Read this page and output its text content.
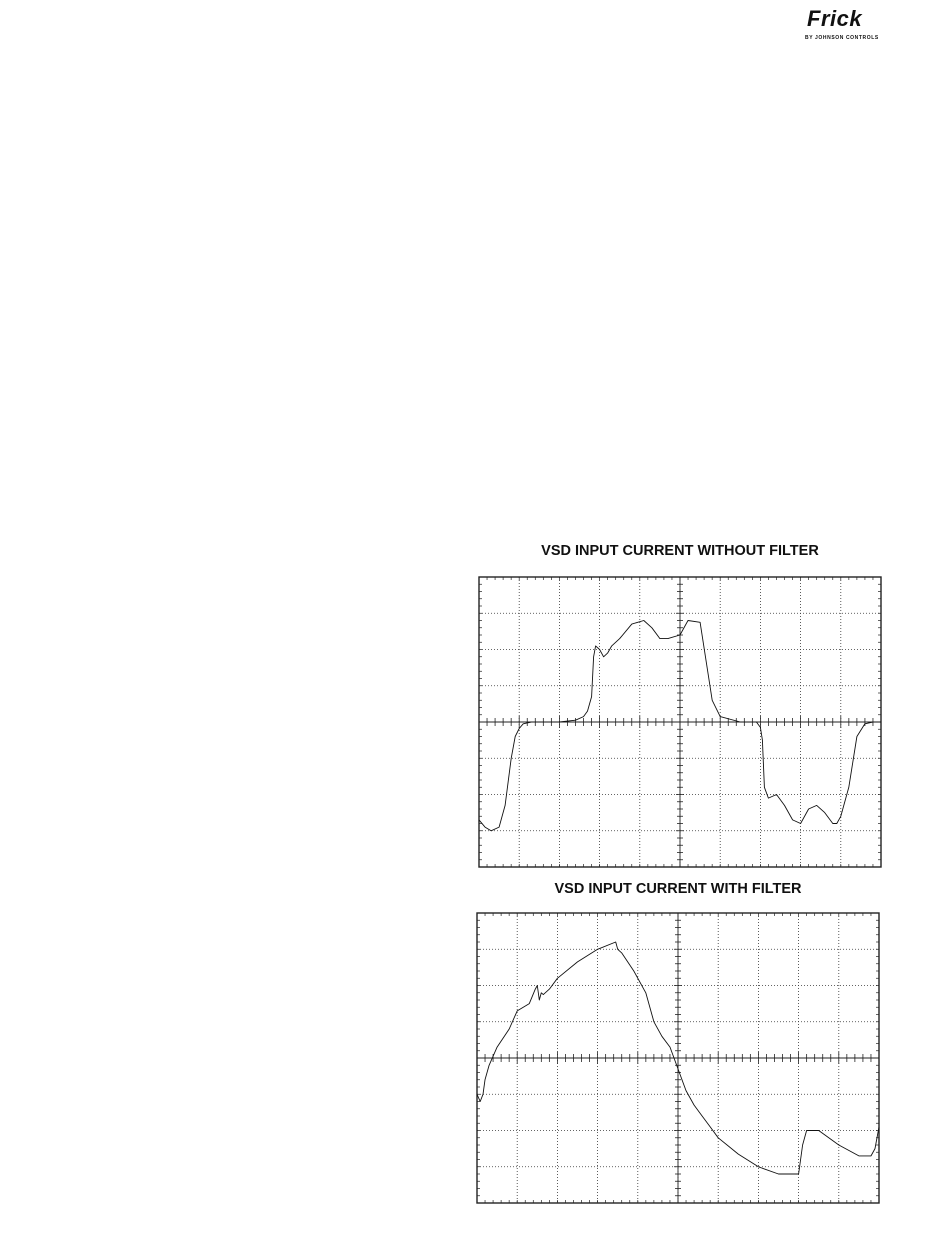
Frick
BY JOHNSON CONTROLS
VSD INPUT CURRENT WITHOUT FILTER
VSD INPUT CURRENT WITH FILTER
